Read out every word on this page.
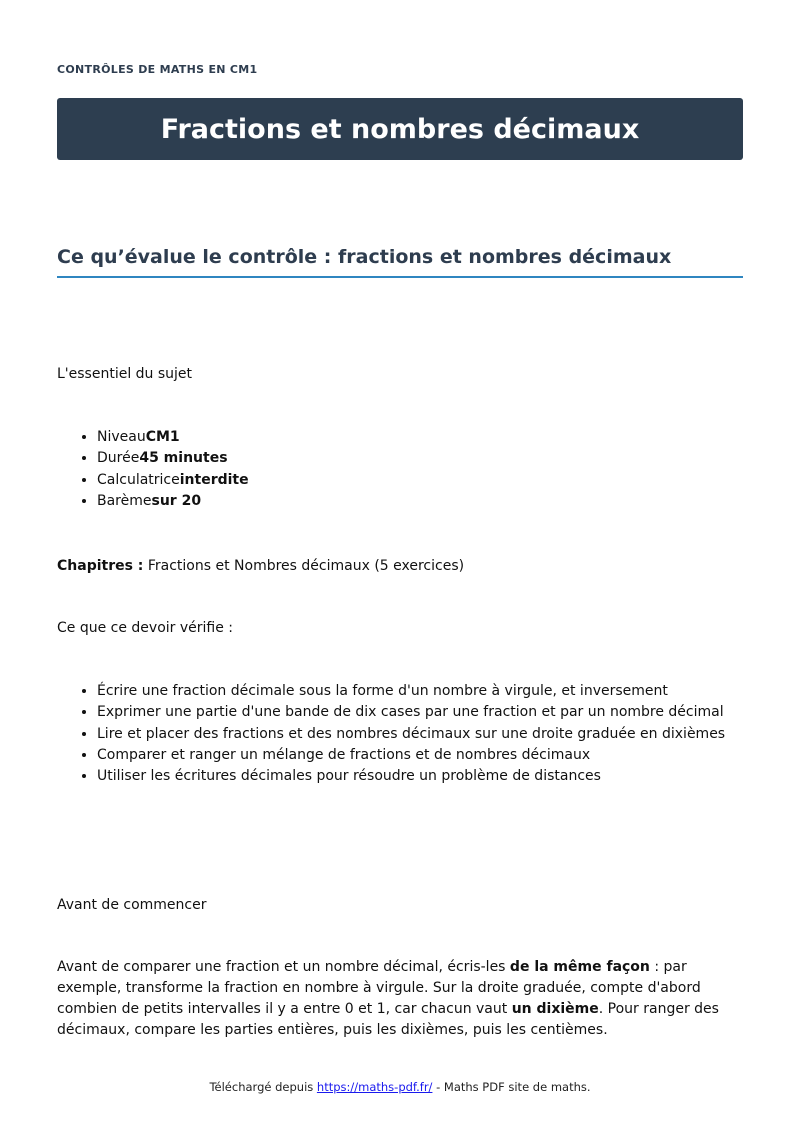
CONTRÔLES DE MATHS EN CM1
Fractions et nombres décimaux
Ce qu’évalue le contrôle : fractions et nombres décimaux

L'essentiel du sujet

• NiveauCM1
• Durée45 minutes
• Calculatriceinterdite
• Barèmesur 20

Chapitres : Fractions et Nombres décimaux (5 exercices)

Ce que ce devoir vérifie :

• Écrire une fraction décimale sous la forme d'un nombre à virgule, et inversement
• Exprimer une partie d'une bande de dix cases par une fraction et par un nombre décimal
• Lire et placer des fractions et des nombres décimaux sur une droite graduée en dixièmes
• Comparer et ranger un mélange de fractions et de nombres décimaux
• Utiliser les écritures décimales pour résoudre un problème de distances

Avant de commencer

Avant de comparer une fraction et un nombre décimal, écris-les de la même façon : par exemple, transforme la fraction en nombre à virgule. Sur la droite graduée, compte d'abord combien de petits intervalles il y a entre 0 et 1, car chacun vaut un dixième. Pour ranger des décimaux, compare les parties entières, puis les dixièmes, puis les centièmes.

Téléchargé depuis https://maths-pdf.fr/ - Maths PDF site de maths.
